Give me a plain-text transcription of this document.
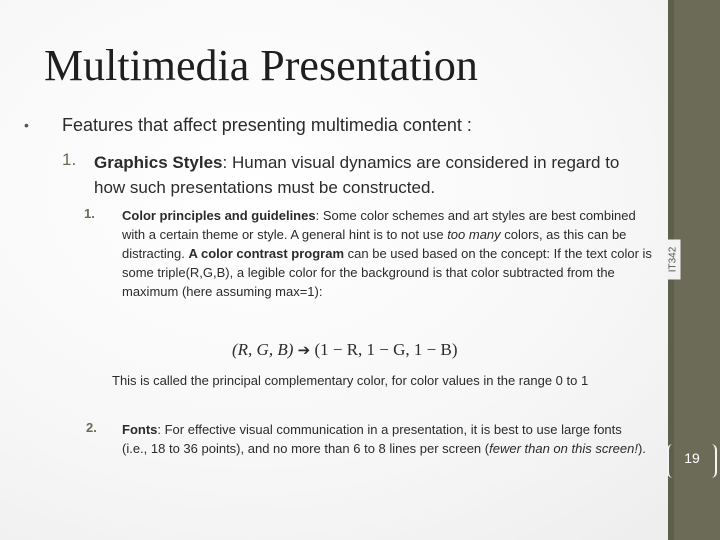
Multimedia Presentation
• Features that affect presenting multimedia content :
1. Graphics Styles: Human visual dynamics are considered in regard to how such presentations must be constructed.
1. Color principles and guidelines: Some color schemes and art styles are best combined with a certain theme or style. A general hint is to not use too many colors, as this can be distracting. A color contrast program can be used based on the concept: If the text color is some triple(R,G,B), a legible color for the background is that color subtracted from the maximum (here assuming max=1):
(R, G, B) ➔ (1 − R, 1 − G, 1 − B)
This is called the principal complementary color, for color values in the range 0 to 1
2. Fonts: For effective visual communication in a presentation, it is best to use large fonts (i.e., 18 to 36 points), and no more than 6 to 8 lines per screen (fewer than on this screen!).
IT342
19
